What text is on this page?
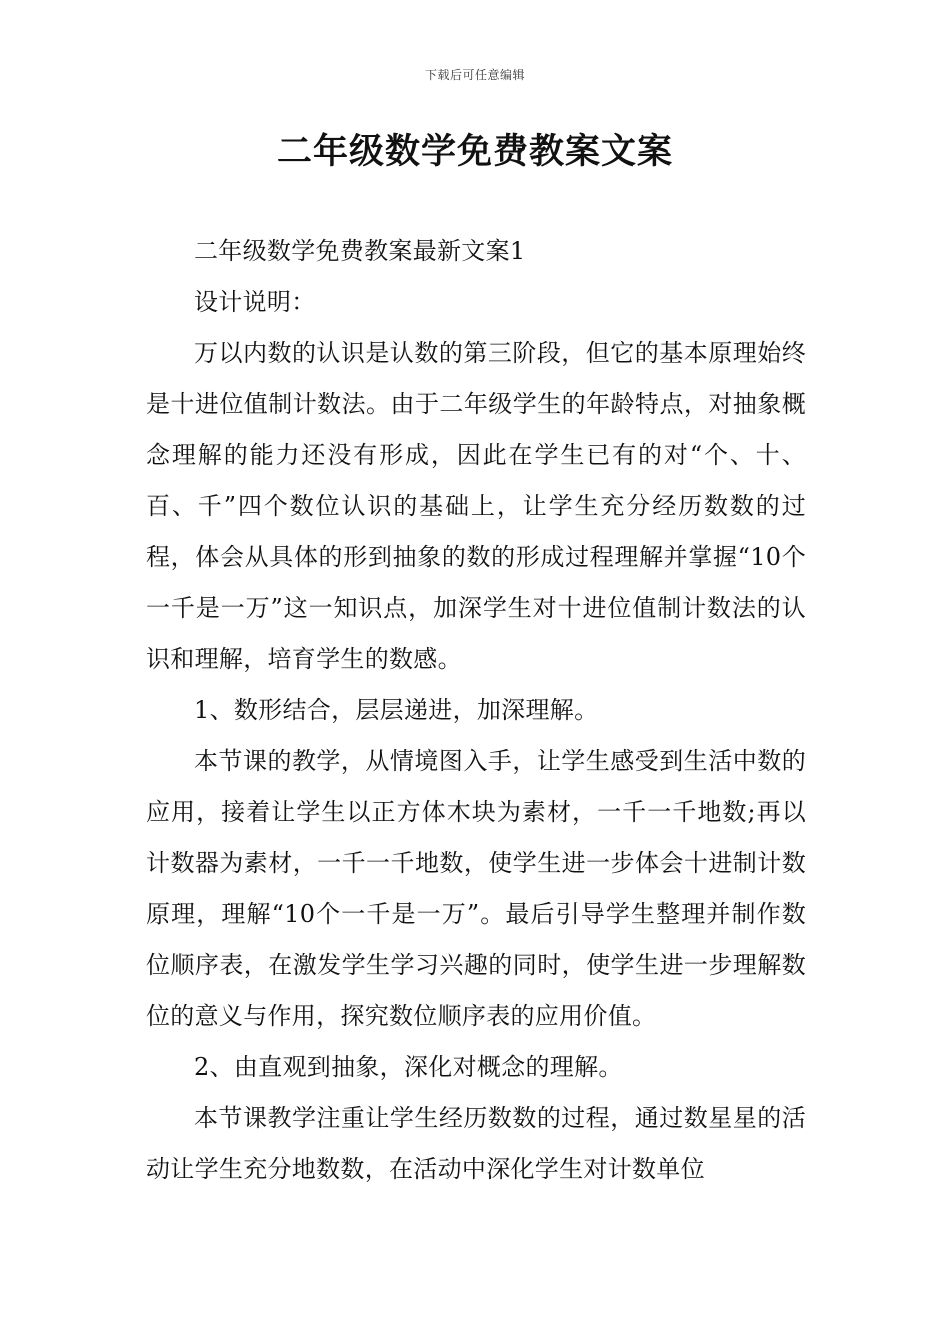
下载后可任意编辑
二年级数学免费教案文案

二年级数学免费教案最新文案1

设计说明：

万以内数的认识是认数的第三阶段，但它的基本原理始终是十进位值制计数法。由于二年级学生的年龄特点，对抽象概念理解的能力还没有形成，因此在学生已有的对“个、十、百、千”四个数位认识的基础上，让学生充分经历数数的过程，体会从具体的形到抽象的数的形成过程理解并掌握“10个一千是一万”这一知识点，加深学生对十进位值制计数法的认识和理解，培育学生的数感。

1、数形结合，层层递进，加深理解。

本节课的教学，从情境图入手，让学生感受到生活中数的应用，接着让学生以正方体木块为素材，一千一千地数;再以计数器为素材，一千一千地数，使学生进一步体会十进制计数原理，理解“10个一千是一万”。最后引导学生整理并制作数位顺序表，在激发学生学习兴趣的同时，使学生进一步理解数位的意义与作用，探究数位顺序表的应用价值。

2、由直观到抽象，深化对概念的理解。

本节课教学注重让学生经历数数的过程，通过数星星的活动让学生充分地数数，在活动中深化学生对计数单位
